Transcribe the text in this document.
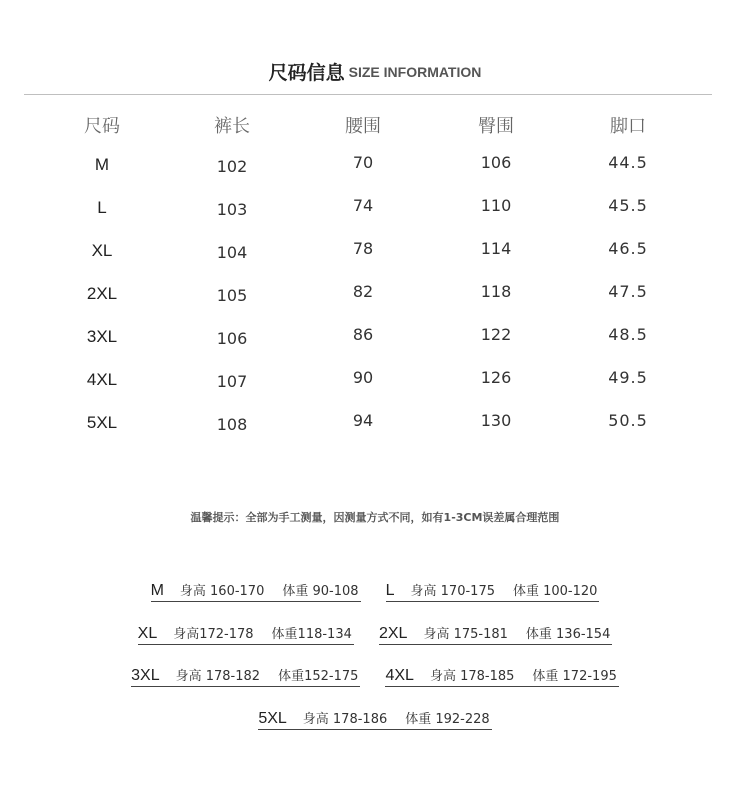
尺码信息 SIZE INFORMATION
尺码	裤长	腰围	臀围	脚口
M	102	70	106	44.5
L	103	74	110	45.5
XL	104	78	114	46.5
2XL	105	82	118	47.5
3XL	106	86	122	48.5
4XL	107	90	126	49.5
5XL	108	94	130	50.5
温馨提示：全部为手工测量，因测量方式不同，如有1-3CM误差属合理范围
M 身高 160-170 体重 90-108 L 身高 170-175 体重 100-120
XL 身高172-178 体重118-134 2XL 身高 175-181 体重 136-154
3XL 身高 178-182 体重152-175 4XL 身高 178-185 体重 172-195
5XL 身高 178-186 体重 192-228
